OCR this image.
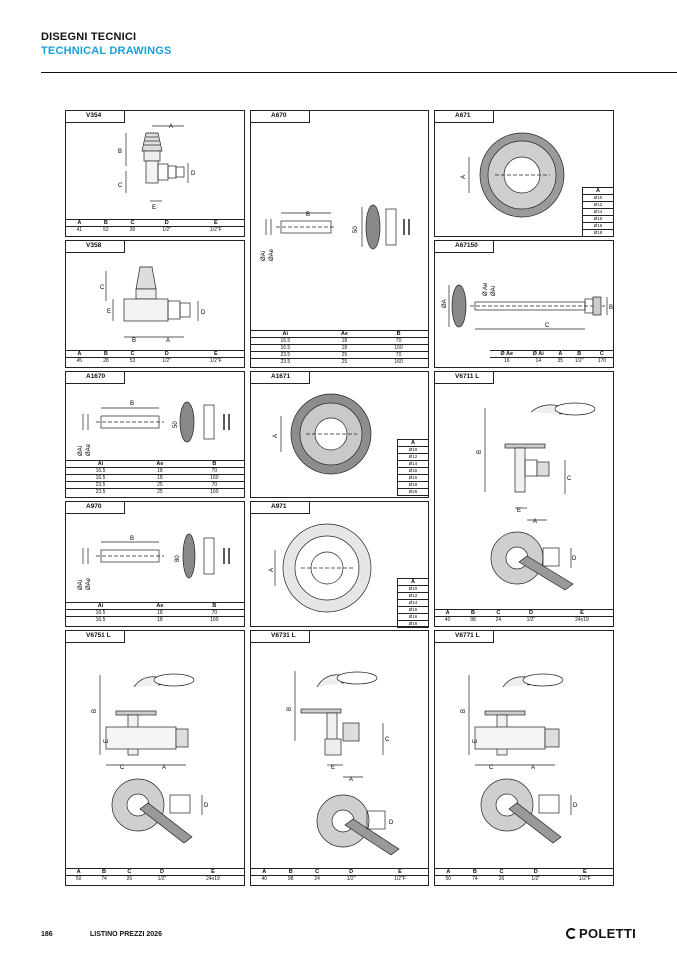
DISEGNI TECNICI
TECHNICAL DRAWINGS
V354
A
B
C
D
E
A	B	C	D	E
41	52	30	1/2"	1/2"F
A670
B
50
ØAi ØAe
Ai	Ae	B
16.5	18	70
16.5	18	160
23.5	25	70
23.5	25	160
A671
A
A
Ø10
Ø12
Ø14
Ø15
Ø16
Ø18
V358
C
E	D
B	A
A	B	C	D	E
45	28	53	1/2"	1/2"F
A67150
ØA
Ø Ae ØAi
C
B
Ø Ae	Ø Ai	A	B	C
16	14	35	1/2"	170
A1670
B
50
ØAi ØAe
Ai	Ae	B
16.5	18	70
16.5	18	160
23.5	25	70
23.5	25	160
A1671
A
A
Ø10
Ø12
Ø14
Ø15
Ø16
Ø18
Ø25
V6711 L
B
C
E
A
D
A	B	C	D	E
40	98	24	1/2"	24x19
A970
B
80
ØAi ØAe
Ai	Ae	B
16.5	18	70
16.5	18	160
A971
A
A
Ø10
Ø12
Ø14
Ø15
Ø16
Ø18
V6751 L
B
E
C	A
D
A	B	C	D	E
50	74	26	1/2"	24x19
V6731 L
B
C
E
A
D
A	B	C	D	E
40	98	24	1/2"	1/2"F
V6771 L
B
E
C	A
D
A	B	C	D	E
50	74	26	1/2"	1/2"F
186	LISTINO PREZZI 2026	POLETTI
